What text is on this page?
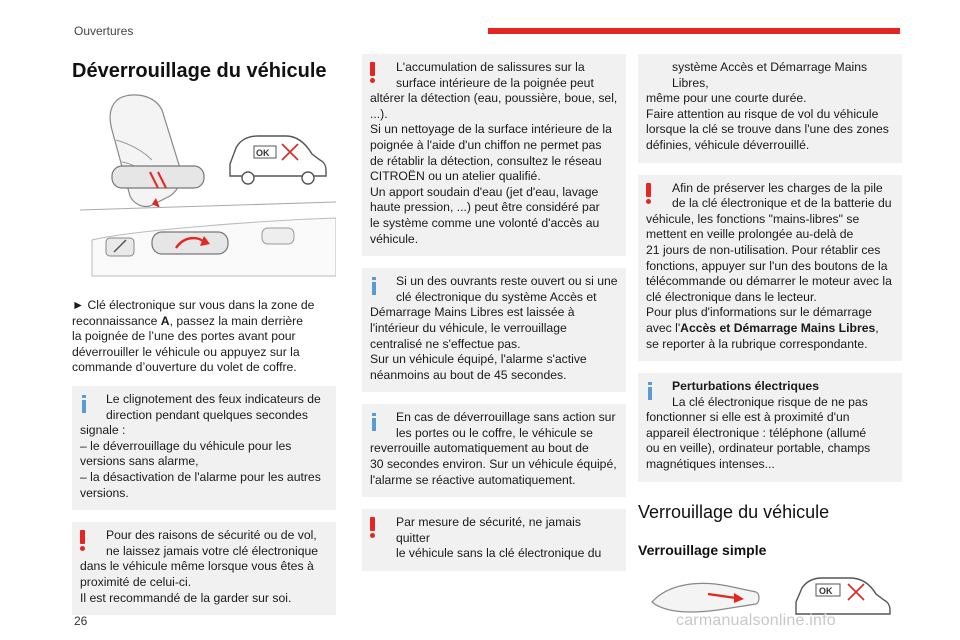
Ouvertures
Déverrouillage du véhicule
OK

► Clé électronique sur vous dans la zone de
reconnaissance A, passez la main derrière
la poignée de l’une des portes avant pour
déverrouiller le véhicule ou appuyez sur la
commande d’ouverture du volet de coffre.

Le clignotement des feux indicateurs de
direction pendant quelques secondes
signale :
– le déverrouillage du véhicule pour les
versions sans alarme,
– la désactivation de l'alarme pour les autres
versions.
Pour des raisons de sécurité ou de vol,
ne laissez jamais votre clé électronique
dans le véhicule même lorsque vous êtes à
proximité de celui-ci.
Il est recommandé de la garder sur soi.
L'accumulation de salissures sur la
surface intérieure de la poignée peut
altérer la détection (eau, poussière, boue, sel,
...).
Si un nettoyage de la surface intérieure de la
poignée à l'aide d'un chiffon ne permet pas
de rétablir la détection, consultez le réseau
CITROËN ou un atelier qualifié.
Un apport soudain d'eau (jet d'eau, lavage
haute pression, ...) peut être considéré par
le système comme une volonté d'accès au
véhicule.
Si un des ouvrants reste ouvert ou si une
clé électronique du système Accès et
Démarrage Mains Libres est laissée à
l'intérieur du véhicule, le verrouillage
centralisé ne s'effectue pas.
Sur un véhicule équipé, l'alarme s'active
néanmoins au bout de 45 secondes.
En cas de déverrouillage sans action sur
les portes ou le coffre, le véhicule se
reverrouille automatiquement au bout de
30 secondes environ. Sur un véhicule équipé,
l'alarme se réactive automatiquement.
Par mesure de sécurité, ne jamais quitter
le véhicule sans la clé électronique du
système Accès et Démarrage Mains Libres,
même pour une courte durée.
Faire attention au risque de vol du véhicule
lorsque la clé se trouve dans l'une des zones
définies, véhicule déverrouillé.
Afin de préserver les charges de la pile
de la clé électronique et de la batterie du
véhicule, les fonctions "mains-libres" se
mettent en veille prolongée au-delà de
21 jours de non-utilisation. Pour rétablir ces
fonctions, appuyer sur l'un des boutons de la
télécommande ou démarrer le moteur avec la
clé électronique dans le lecteur.
Pour plus d'informations sur le démarrage
avec l'Accès et Démarrage Mains Libres,
se reporter à la rubrique correspondante.
Perturbations électriques
La clé électronique risque de ne pas
fonctionner si elle est à proximité d'un
appareil électronique : téléphone (allumé
ou en veille), ordinateur portable, champs
magnétiques intenses...
Verrouillage du véhicule
Verrouillage simple
OK
26	carmanualsonline.info
